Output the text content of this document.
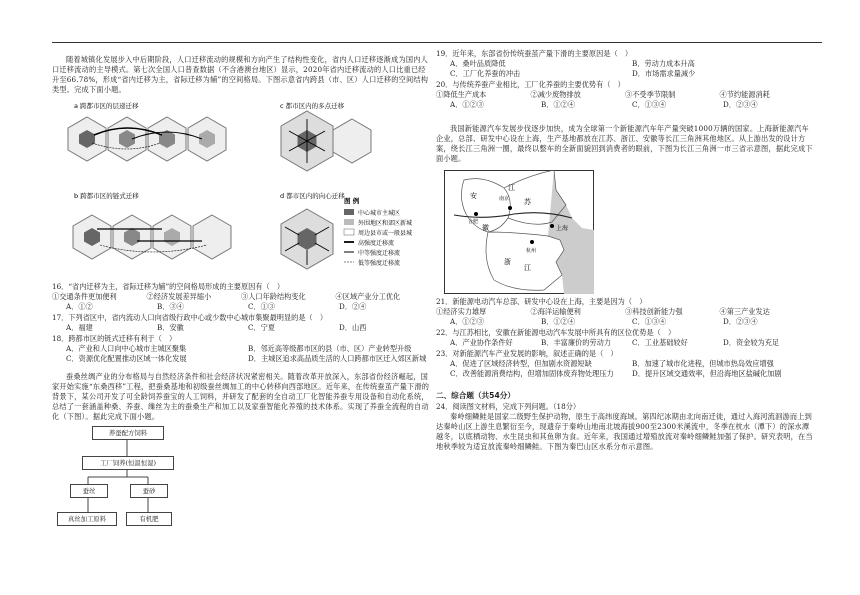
随着城镇化发展步入中后期阶段，人口迁移流动的规模和方向产生了结构性变化，省内人口迁移逐渐成为国内人口迁移流动的主导模式。第七次全国人口普查数据（不含港澳台地区）显示，2020年省内迁移流动的人口比重已经升至66.78%，形成“省内迁移为主，省际迁移为辅”的空间格局。下图示意省内跨县（市、区）人口迁移的空间结构类型。完成下面小题。

a 跨都市区的层递迁移	c 都市区内的多点迁移
b 跨都市区的链式迁移	d 都市区内的向心迁移
图 例
中心城市主城区
外围地区和郊区新城
周边县市或一般县城
高强度迁移流
中等强度迁移流
低等强度迁移流

16．“省内迁移为主，省际迁移为辅”的空间格局形成的主要原因有（　）

①交通条件更加便利	②经济发展差异缩小	③人口年龄结构变化	④区域产业分工优化
A．①②	B．③④	C．①③	D．②④

17．下列省区中，省内流动人口向省级行政中心或少数中心城市集聚最明显的是（　）

A．福建	B．安徽	C．宁夏	D．山西

18．跨都市区的链式迁移有利于（　）

A．产业和人口向中心城市主城区聚集	B．邻近高等级都市区的县（市、区）产业转型升级
C．资源优化配置推动区域一体化发展	D．主城区追求高品质生活的人口跨都市区迁入郊区新城

蚕桑丝绸产业的分布格局与自然经济条件和社会经济状况紧密相关。随着改革开放深入，东部省份经济崛起，国家开始实施“东桑西移”工程，把蚕桑基地和初级蚕丝绸加工的中心转移向西部地区。近年来，在传统蚕茧产量下滑的背景下，某公司开发了可全龄饲养蚕宝的人工饲料，并研发了配套的全自动工厂化智能养蚕专用设备和自动化系统，总结了一套涵盖种桑、养蚕、缫丝为主的蚕桑生产和加工以及家蚕智能化养殖的技术体系。实现了养蚕全流程的自动化（下图）。据此完成下面小题。

养蚕配方饲料
工厂饲养(恒温恒湿)
蚕丝	蚕砂
真丝加工原料	有机肥

19．近年来，东部省份传统蚕茧产量下滑的主要原因是（　）

A．桑叶品质降低	B．劳动力成本升高
C．工厂化养蚕的冲击	D．市场需求量减少

20．与传统养蚕产业相比，工厂化养蚕的主要优势有（　）

①降低生产成本	②减少废物排放	③不受季节限制	④节约能源消耗
A．①②③	B．①②④	C．①③④	D．②③④

我国新能源汽车发展步伐逐步加快，成为全球第一个新能源汽车年产量突破1000万辆的国家。上海新能源汽车企业，总部、研发中心设在上海，生产基地都放在江苏、浙江、安徽等长江三角洲其他地区。从上游出发的设计方案，绕长江三角洲一圈，最终以整车的全新面貌回到消费者的眼前，下图为长江三角洲一市三省示意图，据此完成下面小题。

江
苏
安
徽
浙
江
南京
合肥
上海
杭州

21．新能源电动汽车总部、研发中心设在上海，主要是因为（　）

①经济实力雄厚	②海洋运输便利	③科技创新能力强	④第三产业发达
A．①②③	B．①②④	C．①③④	D．②③④

22．与江苏相比，安徽在新能源电动汽车发展中所具有的区位优势是（　）

A．产业协作条件好	B．丰富廉价的劳动力	C．工业基础较好	D．资金较为充足

23．对新能源汽车产业发展的影响，叙述正确的是（　）

A．促进了区域经济转型，但加剧水资源短缺	B．加速了城市化进程，但城市热岛效应增强
C．改善能源消费结构，但增加固体废弃物处理压力	D．提升区域交通效率，但沿海地区盐碱化加剧

二、综合题（共54分）

24．阅读图文材料，完成下列问题。（18分）

秦岭细鳞鲑是国家二级野生保护动物，原生于高纬度海域。第四纪冰期由北向南迁徙，通过入海河流洄游而上到达秦岭山区上游生息繁衍至今，现遗存于秦岭山地南北坡海拔900至2300米溪流中，冬季在枕水（潭下）的深水潭越冬，以底栖动物、水生昆虫和其鱼卵为食。近年来，我国通过增殖放流对秦岭细鳞鲑加强了保护。研究表明，在当地秋季较为适宜放流秦岭细鳞鲑。下图为秦巴山区水系分布示意图。
